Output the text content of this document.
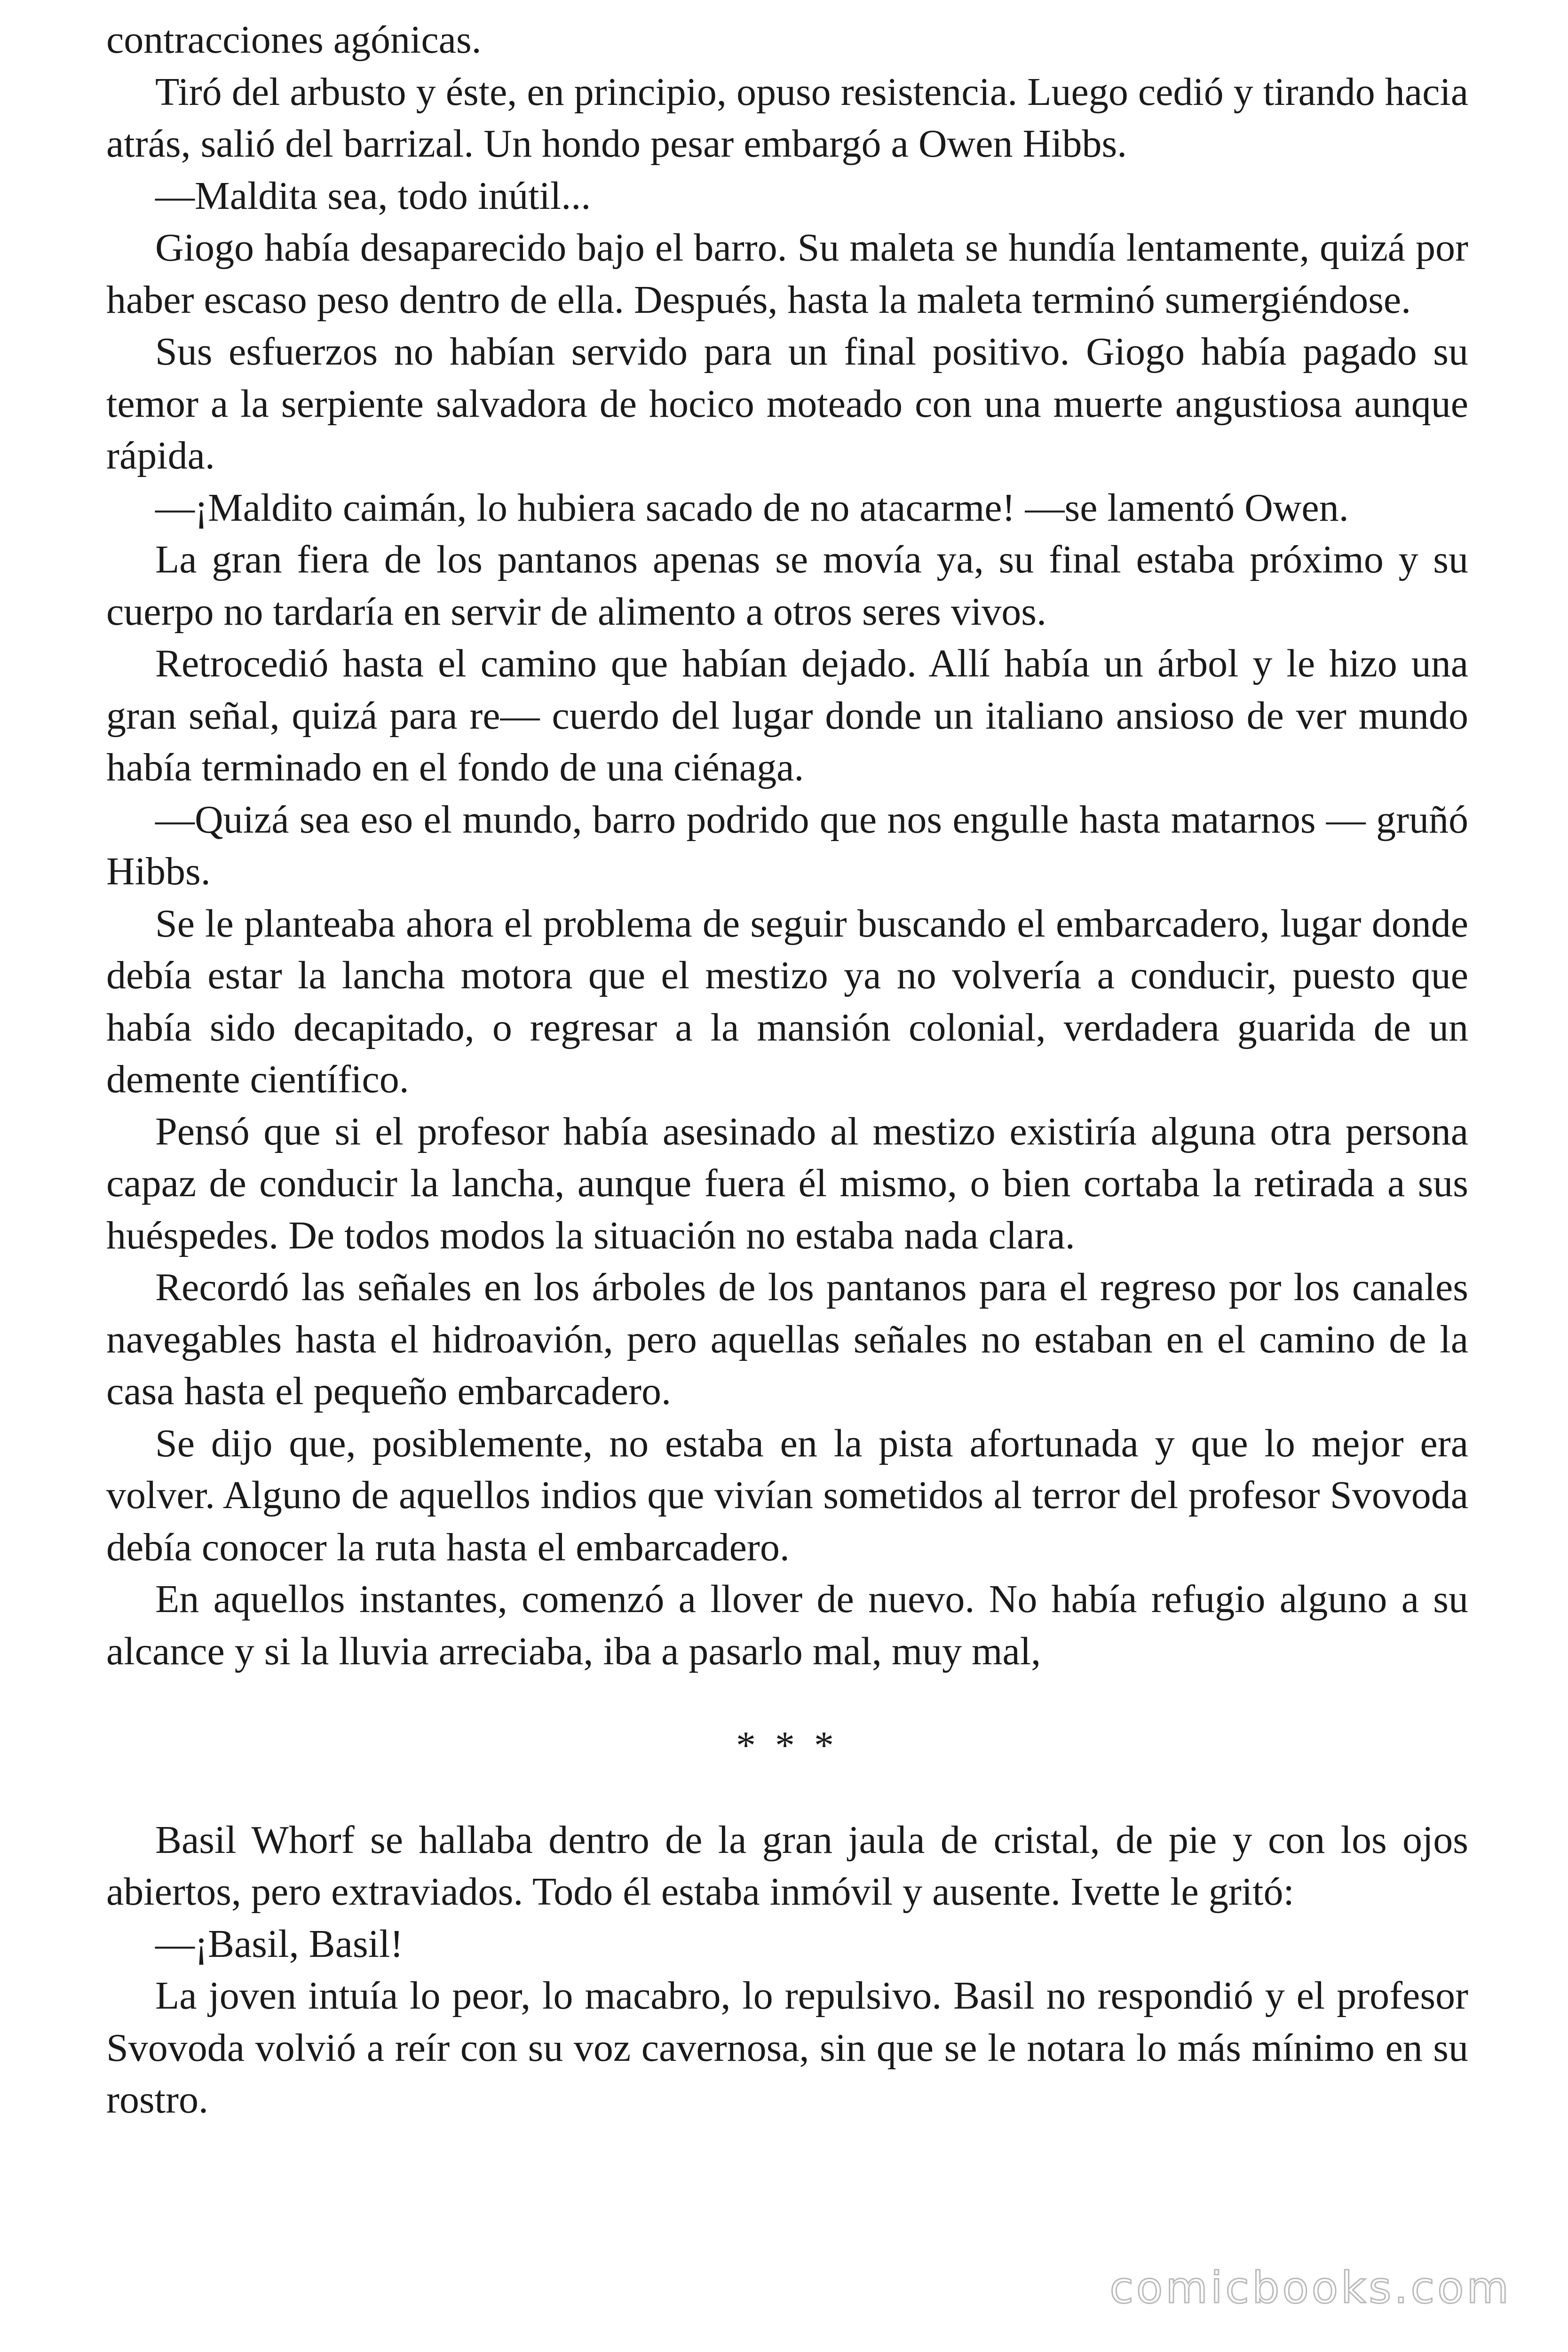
contracciones agónicas.

Tiró del arbusto y éste, en principio, opuso resistencia. Luego cedió y tirando hacia atrás, salió del barrizal. Un hondo pesar embargó a Owen Hibbs.

—Maldita sea, todo inútil...

Giogo había desaparecido bajo el barro. Su maleta se hundía lentamente, quizá por haber escaso peso dentro de ella. Después, hasta la maleta terminó sumergiéndose.

Sus esfuerzos no habían servido para un final positivo. Giogo había pagado su temor a la serpiente salvadora de hocico moteado con una muerte angustiosa aunque rápida.

—¡Maldito caimán, lo hubiera sacado de no atacarme! —se lamentó Owen.

La gran fiera de los pantanos apenas se movía ya, su final estaba próximo y su cuerpo no tardaría en servir de alimento a otros seres vivos.

Retrocedió hasta el camino que habían dejado. Allí había un árbol y le hizo una gran señal, quizá para re— cuerdo del lugar donde un italiano ansioso de ver mundo había terminado en el fondo de una ciénaga.

—Quizá sea eso el mundo, barro podrido que nos engulle hasta matarnos — gruñó Hibbs.

Se le planteaba ahora el problema de seguir buscando el embarcadero, lugar donde debía estar la lancha motora que el mestizo ya no volvería a conducir, puesto que había sido decapitado, o regresar a la mansión colonial, verdadera guarida de un demente científico.

Pensó que si el profesor había asesinado al mestizo existiría alguna otra persona capaz de conducir la lancha, aunque fuera él mismo, o bien cortaba la retirada a sus huéspedes. De todos modos la situación no estaba nada clara.

Recordó las señales en los árboles de los pantanos para el regreso por los canales navegables hasta el hidroavión, pero aquellas señales no estaban en el camino de la casa hasta el pequeño embarcadero.

Se dijo que, posiblemente, no estaba en la pista afortunada y que lo mejor era volver. Alguno de aquellos indios que vivían sometidos al terror del profesor Svovoda debía conocer la ruta hasta el embarcadero.

En aquellos instantes, comenzó a llover de nuevo. No había refugio alguno a su alcance y si la lluvia arreciaba, iba a pasarlo mal, muy mal,

* * *

Basil Whorf se hallaba dentro de la gran jaula de cristal, de pie y con los ojos abiertos, pero extraviados. Todo él estaba inmóvil y ausente. Ivette le gritó:

—¡Basil, Basil!

La joven intuía lo peor, lo macabro, lo repulsivo. Basil no respondió y el profesor Svovoda volvió a reír con su voz cavernosa, sin que se le notara lo más mínimo en su rostro.

comicbooks.com
